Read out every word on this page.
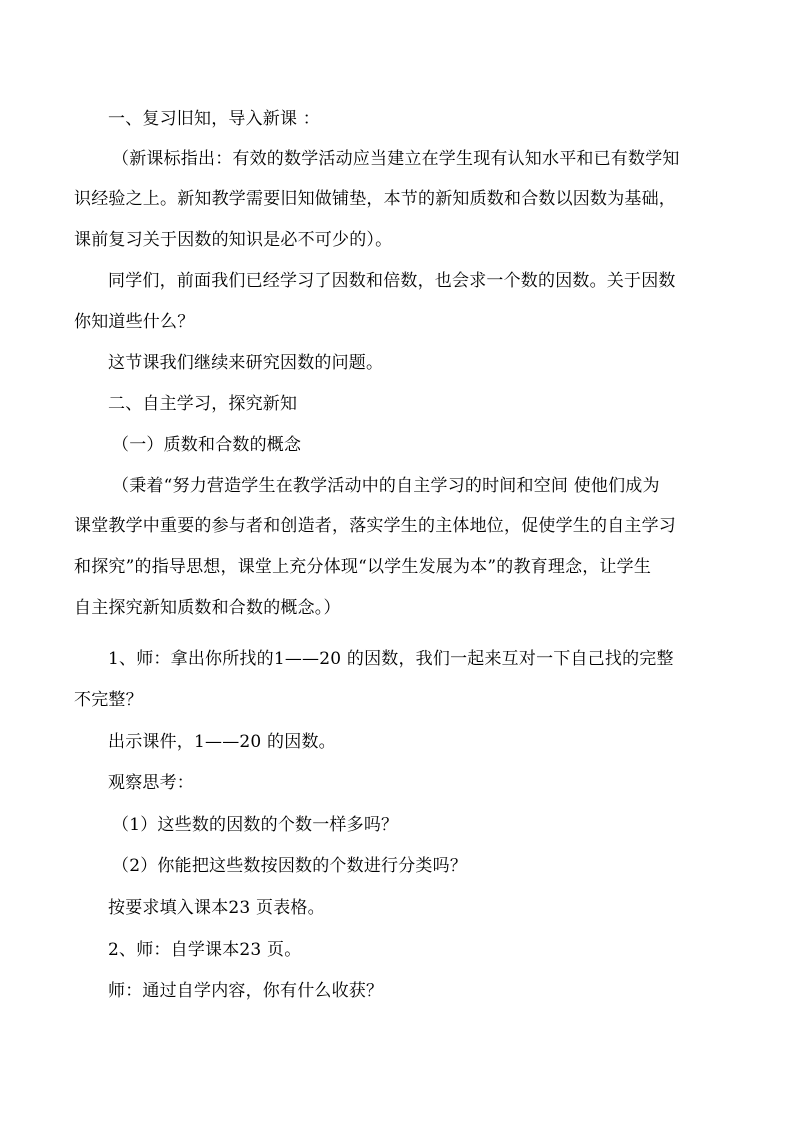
一、复习旧知，导入新课 ：
（新课标指出：有效的数学活动应当建立在学生现有认知水平和已有数学知
识经验之上。新知教学需要旧知做铺垫，本节的新知质数和合数以因数为基础，
课前复习关于因数的知识是必不可少的）。
同学们，前面我们已经学习了因数和倍数，也会求一个数的因数。关于因数
你知道些什么？
这节课我们继续来研究因数的问题。
二、自主学习，探究新知
（一）质数和合数的概念
（秉着“努力营造学生在教学活动中的自主学习的时间和空间 使他们成为
课堂教学中重要的参与者和创造者，落实学生的主体地位，促使学生的自主学习
和探究”的指导思想，课堂上充分体现“以学生发展为本”的教育理念，让学生
自主探究新知质数和合数的概念。）
1、师：拿出你所找的1——20 的因数，我们一起来互对一下自己找的完整
不完整？
出示课件，1——20 的因数。
观察思考：
（1）这些数的因数的个数一样多吗？
（2）你能把这些数按因数的个数进行分类吗？
按要求填入课本23 页表格。
2、师：自学课本23 页。
师：通过自学内容，你有什么收获？
